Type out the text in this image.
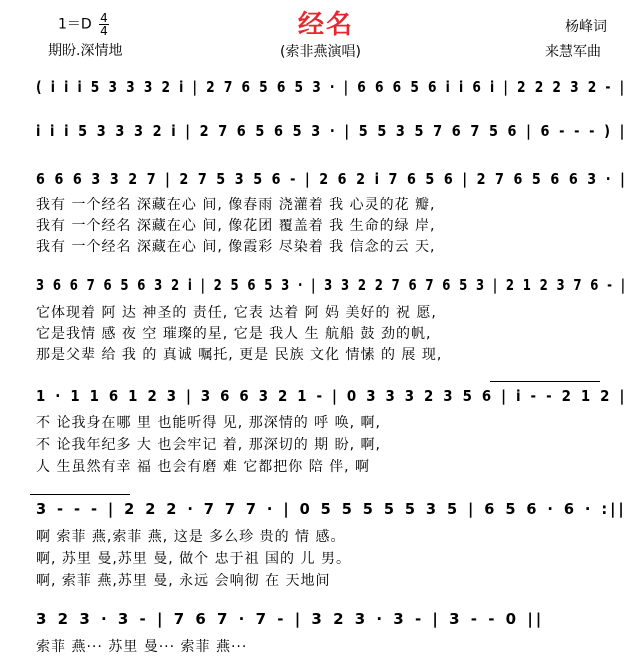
$1=D \frac{4}{4}$
期盼.深情地
经名
(索非燕演唱)
杨峰词
来慧军曲
( i i i 5 3 3 3 2 i | 2 7 6 5 6 5 3 · | 6 6 6 5 6 i i 6 i | 2 2 2 3 2 - |
i i i 5 3 3 3 2 i | 2 7 6 5 6 5 3 · | 5 5 3 5 7 6 7 5 6 | 6 - - - ) |
6 6 6 3 3 2 7 | 2 7 5 3 5 6 - | 2 6 2 i 7 6 5 6 | 2 7 6 5 6 6 3 · |
我有 一个经名 深藏在心 间, 像春雨 浇灌着 我 心灵的花 瓣,
我有 一个经名 深藏在心 间, 像花团 覆盖着 我 生命的绿 岸,
我有 一个经名 深藏在心 间, 像霞彩 尽染着 我 信念的云 天,
3 6 6 7 6 5 6 3 2 i | 2 5 6 5 3 · | 3 3 2 2 7 6 7 6 5 3 | 2 1 2 3 7 6 - |
它体现着 阿 达 神圣的 责任, 它表 达着 阿 妈 美好的 祝 愿,
它是我情 感 夜 空 璀璨的星, 它是 我人 生 航船 鼓 劲的帆,
那是父辈 给 我 的 真诚 嘱托, 更是 民族 文化 情愫 的 展 现,
1 · 1 1 6 1 2 3 | 3 6 6 3 2 1 - | 0 3 3 3 2 3 5 6 | i - - 2 1 2 |
不 论我身在哪 里 也能听得 见, 那深情的 呼 唤, 啊,
不 论我年纪多 大 也会牢记 着, 那深切的 期 盼, 啊,
人 生虽然有幸 福 也会有磨 难 它都把你 陪 伴, 啊
3 - - - | 2 2 2 · 7 7 7 · | 0 5 5 5 5 5 3 5 | 6 5 6 · 6 · :||
啊 索菲 燕,索菲 燕, 这是 多么珍 贵的 情 感。
啊, 苏里 曼,苏里 曼, 做个 忠于祖 国的 儿 男。
啊, 索菲 燕,苏里 曼, 永远 会响彻 在 天地间
3 2 3 · 3 - | 7 6 7 · 7 - | 3 2 3 · 3 - | 3 - - 0 ||
索菲 燕··· 苏里 曼··· 索菲 燕···
